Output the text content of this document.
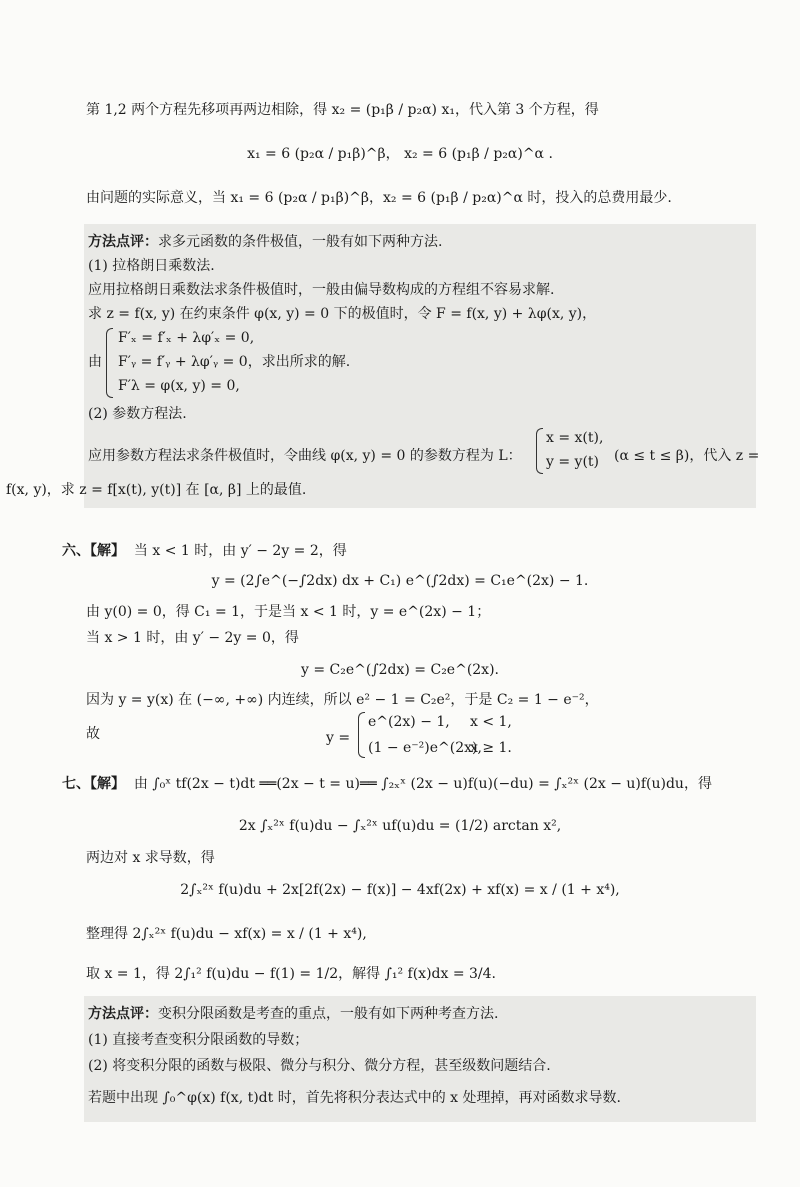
第 1,2 两个方程先移项再两边相除，得 x₂ = (p₁β / p₂α) x₁，代入第 3 个方程，得
x₁ = 6 (p₂α / p₁β)^β， x₂ = 6 (p₁β / p₂α)^α .
由问题的实际意义，当 x₁ = 6 (p₂α / p₁β)^β，x₂ = 6 (p₁β / p₂α)^α 时，投入的总费用最少.
方法点评：求多元函数的条件极值，一般有如下两种方法.
(1) 拉格朗日乘数法.
应用拉格朗日乘数法求条件极值时，一般由偏导数构成的方程组不容易求解.
求 z = f(x, y) 在约束条件 φ(x, y) = 0 下的极值时，令 F = f(x, y) + λφ(x, y)，
由
F′ₓ = f′ₓ + λφ′ₓ = 0,
F′ᵧ = f′ᵧ + λφ′ᵧ = 0，求出所求的解.
F′λ = φ(x, y) = 0,
(2) 参数方程法.
应用参数方程法求条件极值时，令曲线 φ(x, y) = 0 的参数方程为 L：
x = x(t),
y = y(t) (α ≤ t ≤ β)，代入 z =
f(x, y)，求 z = f[x(t), y(t)] 在 [α, β] 上的最值.
六、【解】 当 x < 1 时，由 y′ − 2y = 2，得
y = (2∫e^(−∫2dx) dx + C₁) e^(∫2dx) = C₁e^(2x) − 1.
由 y(0) = 0，得 C₁ = 1，于是当 x < 1 时，y = e^(2x) − 1；
当 x > 1 时，由 y′ − 2y = 0，得
y = C₂e^(∫2dx) = C₂e^(2x).
因为 y = y(x) 在 (−∞, +∞) 内连续，所以 e² − 1 = C₂e²，于是 C₂ = 1 − e⁻²，
故	y =
e^(2x) − 1, x < 1,
(1 − e⁻²)e^(2x),
x ≥ 1.
七、【解】 由 ∫₀ˣ tf(2x − t)dt ══(2x − t = u)══ ∫₂ₓˣ (2x − u)f(u)(−du) = ∫ₓ²ˣ (2x − u)f(u)du，得
2x ∫ₓ²ˣ f(u)du − ∫ₓ²ˣ uf(u)du = (1/2) arctan x²,
两边对 x 求导数，得
2∫ₓ²ˣ f(u)du + 2x[2f(2x) − f(x)] − 4xf(2x) + xf(x) = x / (1 + x⁴),
整理得 2∫ₓ²ˣ f(u)du − xf(x) = x / (1 + x⁴),
取 x = 1，得 2∫₁² f(u)du − f(1) = 1/2，解得 ∫₁² f(x)dx = 3/4.
方法点评：变积分限函数是考查的重点，一般有如下两种考查方法.
(1) 直接考查变积分限函数的导数；
(2) 将变积分限的函数与极限、微分与积分、微分方程，甚至级数问题结合.
若题中出现 ∫₀^φ(x) f(x, t)dt 时，首先将积分表达式中的 x 处理掉，再对函数求导数.
